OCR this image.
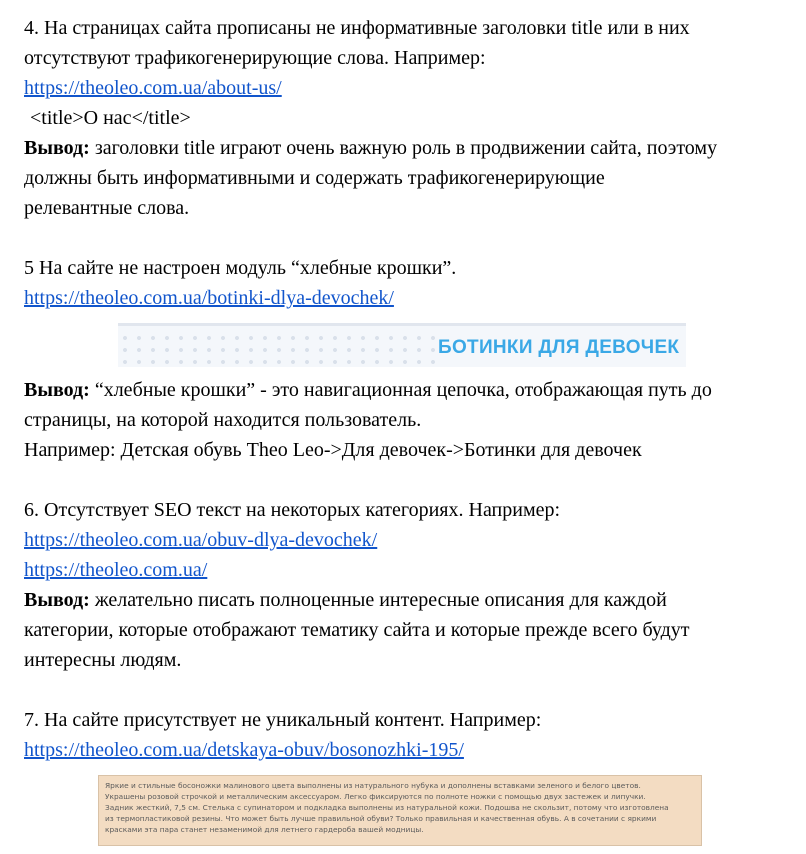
4. На страницах сайта прописаны не информативные заголовки title или в них
отсутствуют трафикогенерирующие слова. Например:
https://theoleo.com.ua/about-us/
<title>О нас</title>
Вывод: заголовки title играют очень важную роль в продвижении сайта, поэтому
должны быть информативными и содержать трафикогенерирующие
релевантные слова.
5 На сайте не настроен модуль “хлебные крошки”.
https://theoleo.com.ua/botinki-dlya-devochek/
БОТИНКИ ДЛЯ ДЕВОЧЕК
Вывод: “хлебные крошки” - это навигационная цепочка, отображающая путь до
страницы, на которой находится пользователь.
Например: Детская обувь Theo Leo->Для девочек->Ботинки для девочек
6. Отсутствует SEO текст на некоторых категориях. Например:
https://theoleo.com.ua/obuv-dlya-devochek/
https://theoleo.com.ua/
Вывод: желательно писать полноценные интересные описания для каждой
категории, которые отображают тематику сайта и которые прежде всего будут
интересны людям.
7. На сайте присутствует не уникальный контент. Например:
https://theoleo.com.ua/detskaya-obuv/bosonozhki-195/
Яркие и стильные босоножки малинового цвета выполнены из натурального нубука и дополнены вставками зеленого и белого цветов.
Украшены розовой строчкой и металлическим аксессуаром. Легко фиксируются по полноте ножки с помощью двух застежек и липучки.
Задник жесткий, 7,5 см. Стелька с супинатором и подкладка выполнены из натуральной кожи. Подошва не скользит, потому что изготовлена
из термопластиковой резины. Что может быть лучше правильной обуви? Только правильная и качественная обувь. А в сочетании с яркими
красками эта пара станет незаменимой для летнего гардероба вашей модницы.
